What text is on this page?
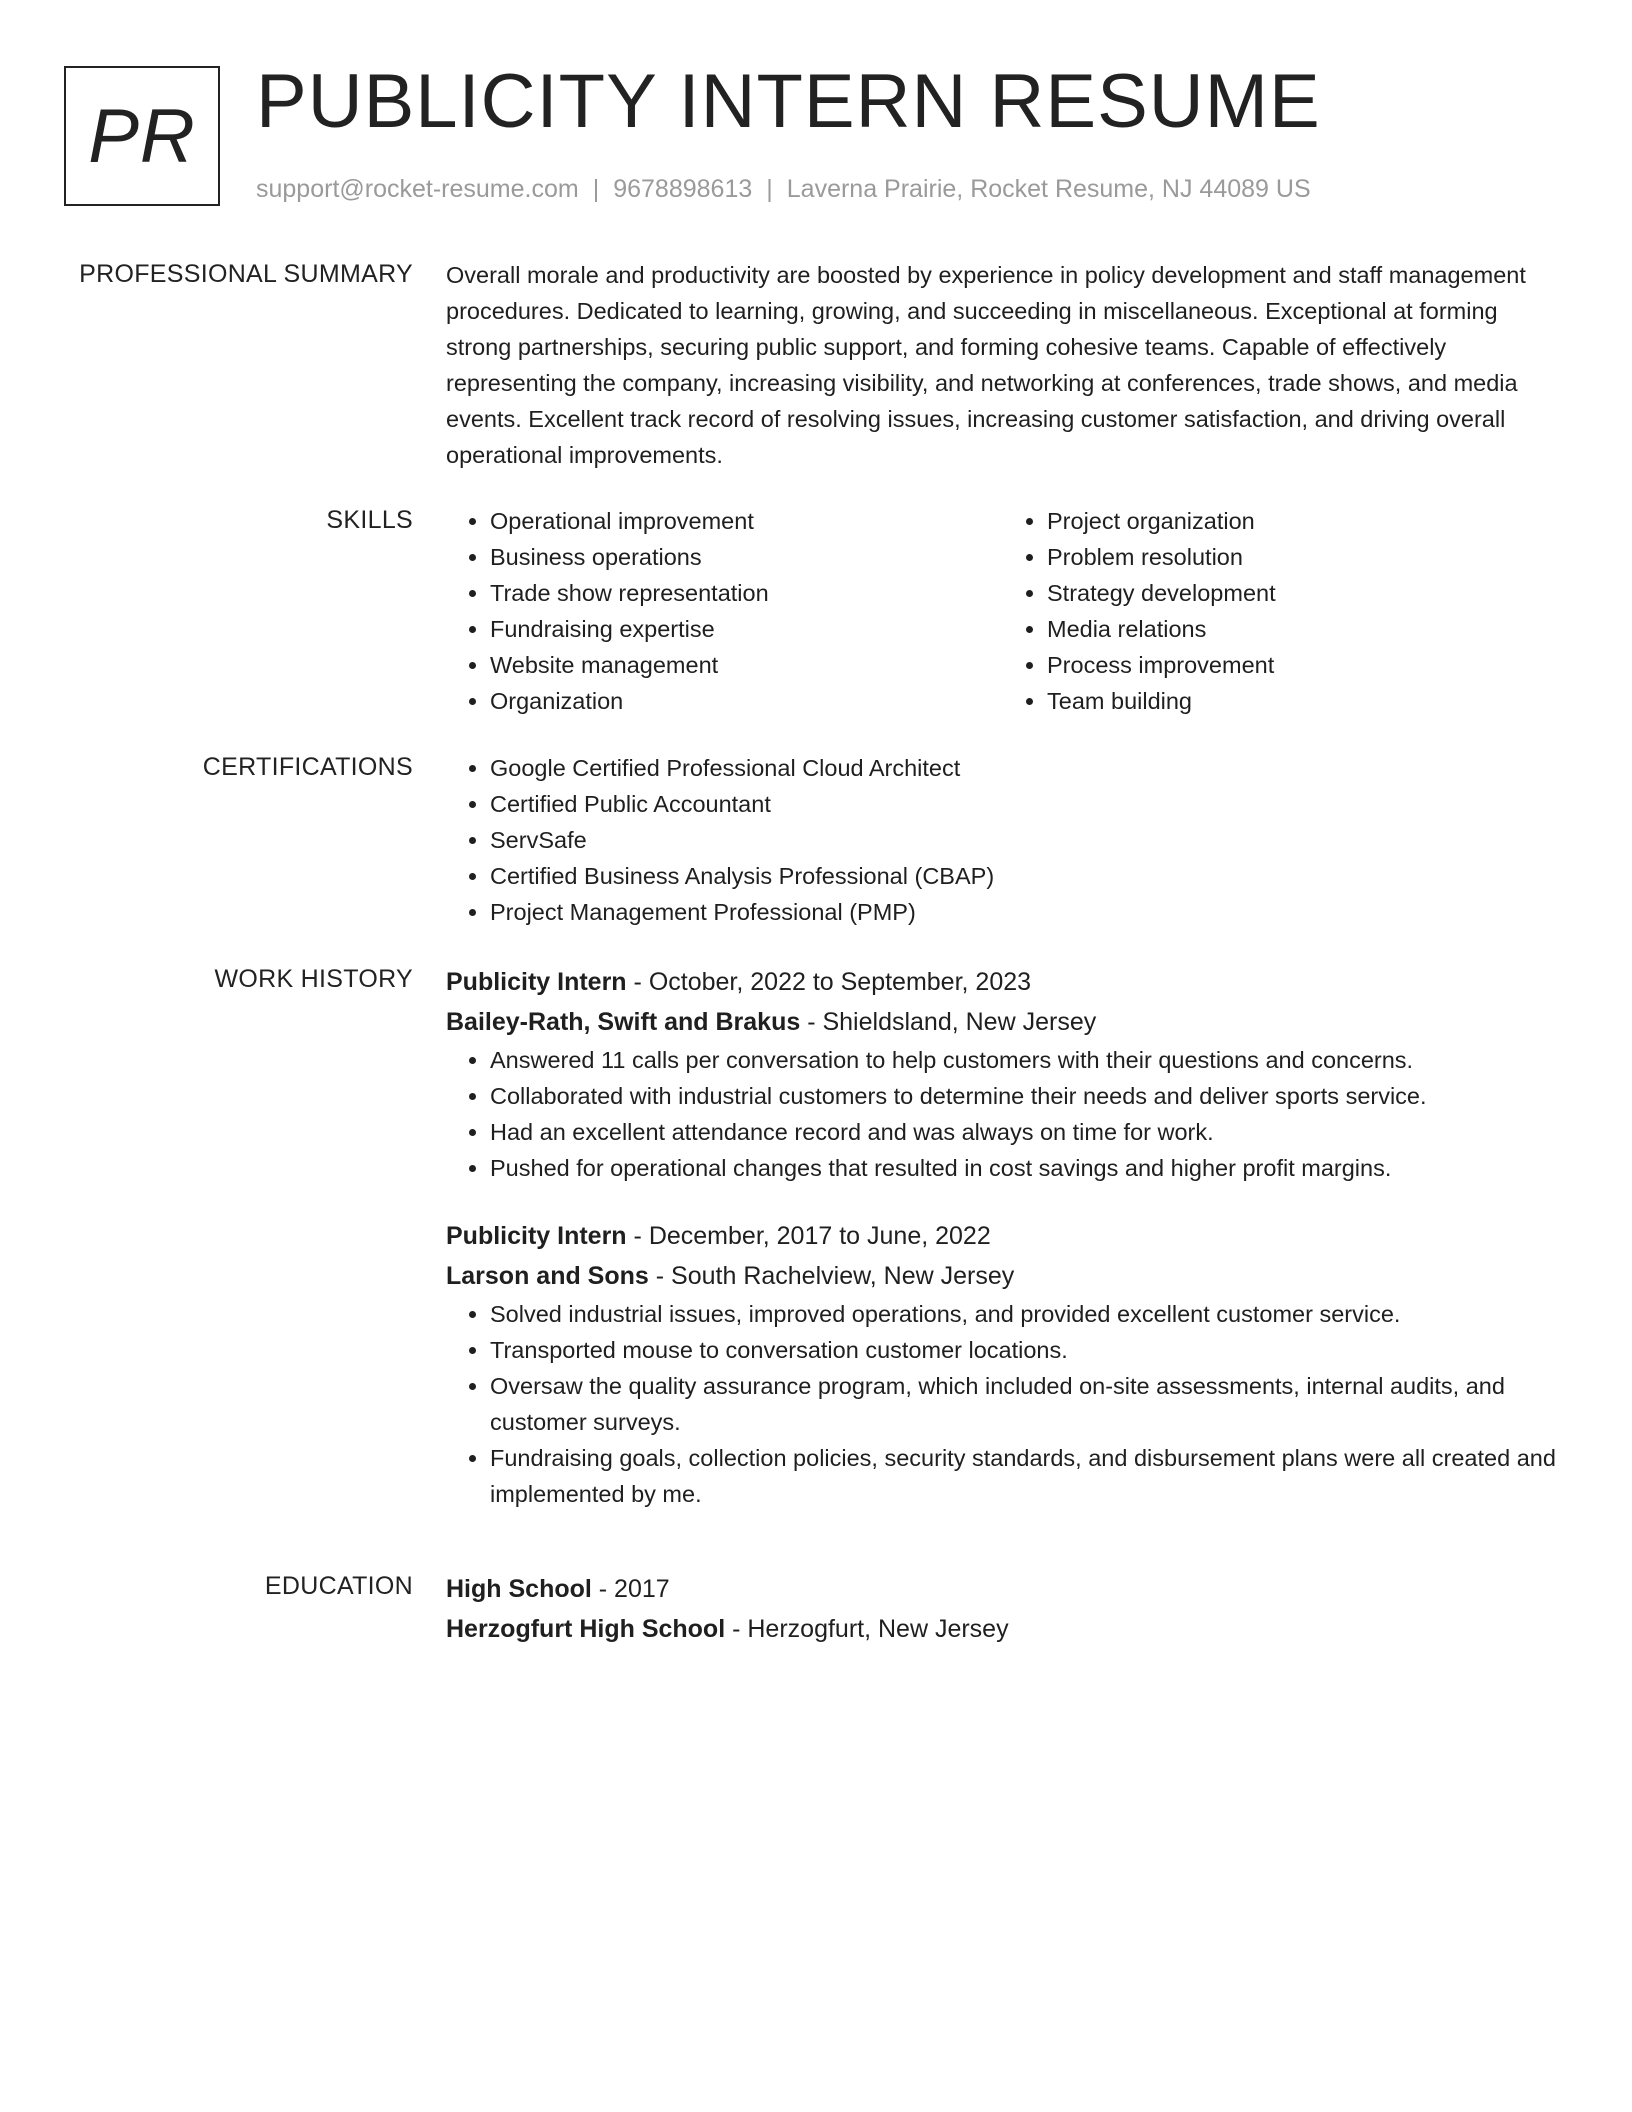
PR PUBLICITY INTERN RESUME
support@rocket-resume.com | 9678898613 | Laverna Prairie, Rocket Resume, NJ 44089 US
PROFESSIONAL SUMMARY Overall morale and productivity are boosted by experience in policy development and staff management procedures. Dedicated to learning, growing, and succeeding in miscellaneous. Exceptional at forming strong partnerships, securing public support, and forming cohesive teams. Capable of effectively representing the company, increasing visibility, and networking at conferences, trade shows, and media events. Excellent track record of resolving issues, increasing customer satisfaction, and driving overall operational improvements.

SKILLS	• Operational improvement
• Business operations
• Trade show representation
• Fundraising expertise
• Website management
• Organization
• Project organization
• Problem resolution
• Strategy development
• Media relations
• Process improvement
• Team building
CERTIFICATIONS	• Google Certified Professional Cloud Architect
• Certified Public Accountant
• ServSafe
• Certified Business Analysis Professional (CBAP)
• Project Management Professional (PMP)
WORK HISTORY Publicity Intern - October, 2022 to September, 2023
Bailey-Rath, Swift and Brakus - Shieldsland, New Jersey
• Answered 11 calls per conversation to help customers with their questions and concerns.
• Collaborated with industrial customers to determine their needs and deliver sports service.
• Had an excellent attendance record and was always on time for work.
• Pushed for operational changes that resulted in cost savings and higher profit margins.
Publicity Intern - December, 2017 to June, 2022
Larson and Sons - South Rachelview, New Jersey
• Solved industrial issues, improved operations, and provided excellent customer service.
• Transported mouse to conversation customer locations.
• Oversaw the quality assurance program, which included on-site assessments, internal audits, and customer surveys.
• Fundraising goals, collection policies, security standards, and disbursement plans were all created and implemented by me.
EDUCATION High School - 2017
Herzogfurt High School - Herzogfurt, New Jersey
